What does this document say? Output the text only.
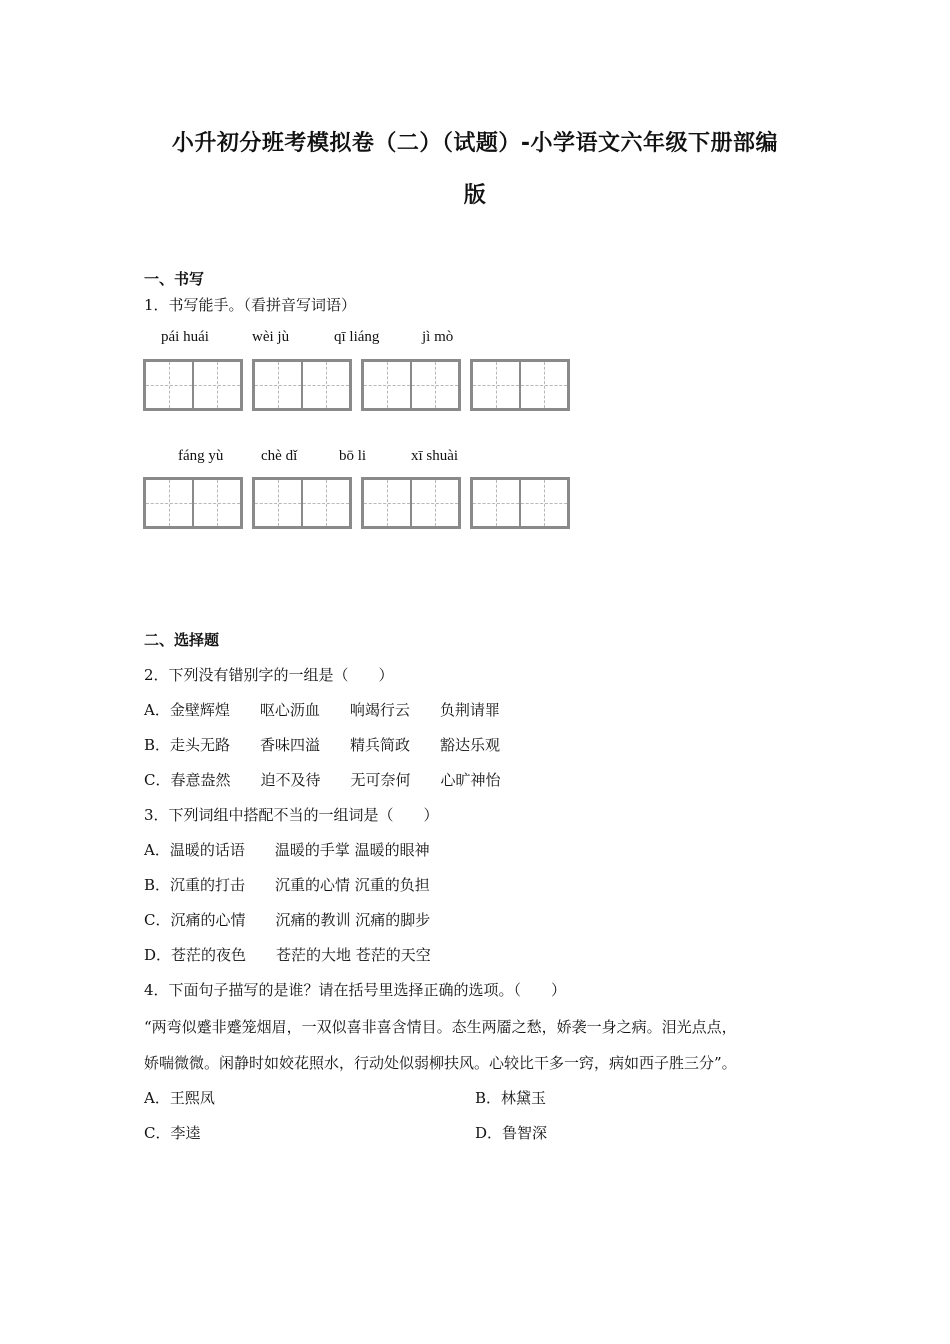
小升初分班考模拟卷（二）（试题）-小学语文六年级下册部编
版
一、书写
1．书写能手。（看拼音写词语）
pái huái	wèi jù	qī liáng	jì mò
fáng yù	chè dǐ	bō li	xī shuài
二、选择题
2．下列没有错别字的一组是（　　）
A．金壁辉煌　　呕心沥血　　响竭行云　　负荆请罪
B．走头无路　　香味四溢　　精兵简政　　豁达乐观
C．春意盎然　　迫不及待　　无可奈何　　心旷神怡
3．下列词组中搭配不当的一组词是（　　）
A．温暖的话语　　温暖的手掌 温暖的眼神
B．沉重的打击　　沉重的心情 沉重的负担
C．沉痛的心情　　沉痛的教训 沉痛的脚步
D．苍茫的夜色　　苍茫的大地 苍茫的天空
4．下面句子描写的是谁？请在括号里选择正确的选项。（　　）
“两弯似蹙非蹙笼烟眉，一双似喜非喜含情目。态生两靥之愁，娇袭一身之病。泪光点点，
娇喘微微。闲静时如姣花照水，行动处似弱柳扶风。心较比干多一窍，病如西子胜三分”。
A．王熙凤	B．林黛玉
C．李逵	D．鲁智深
